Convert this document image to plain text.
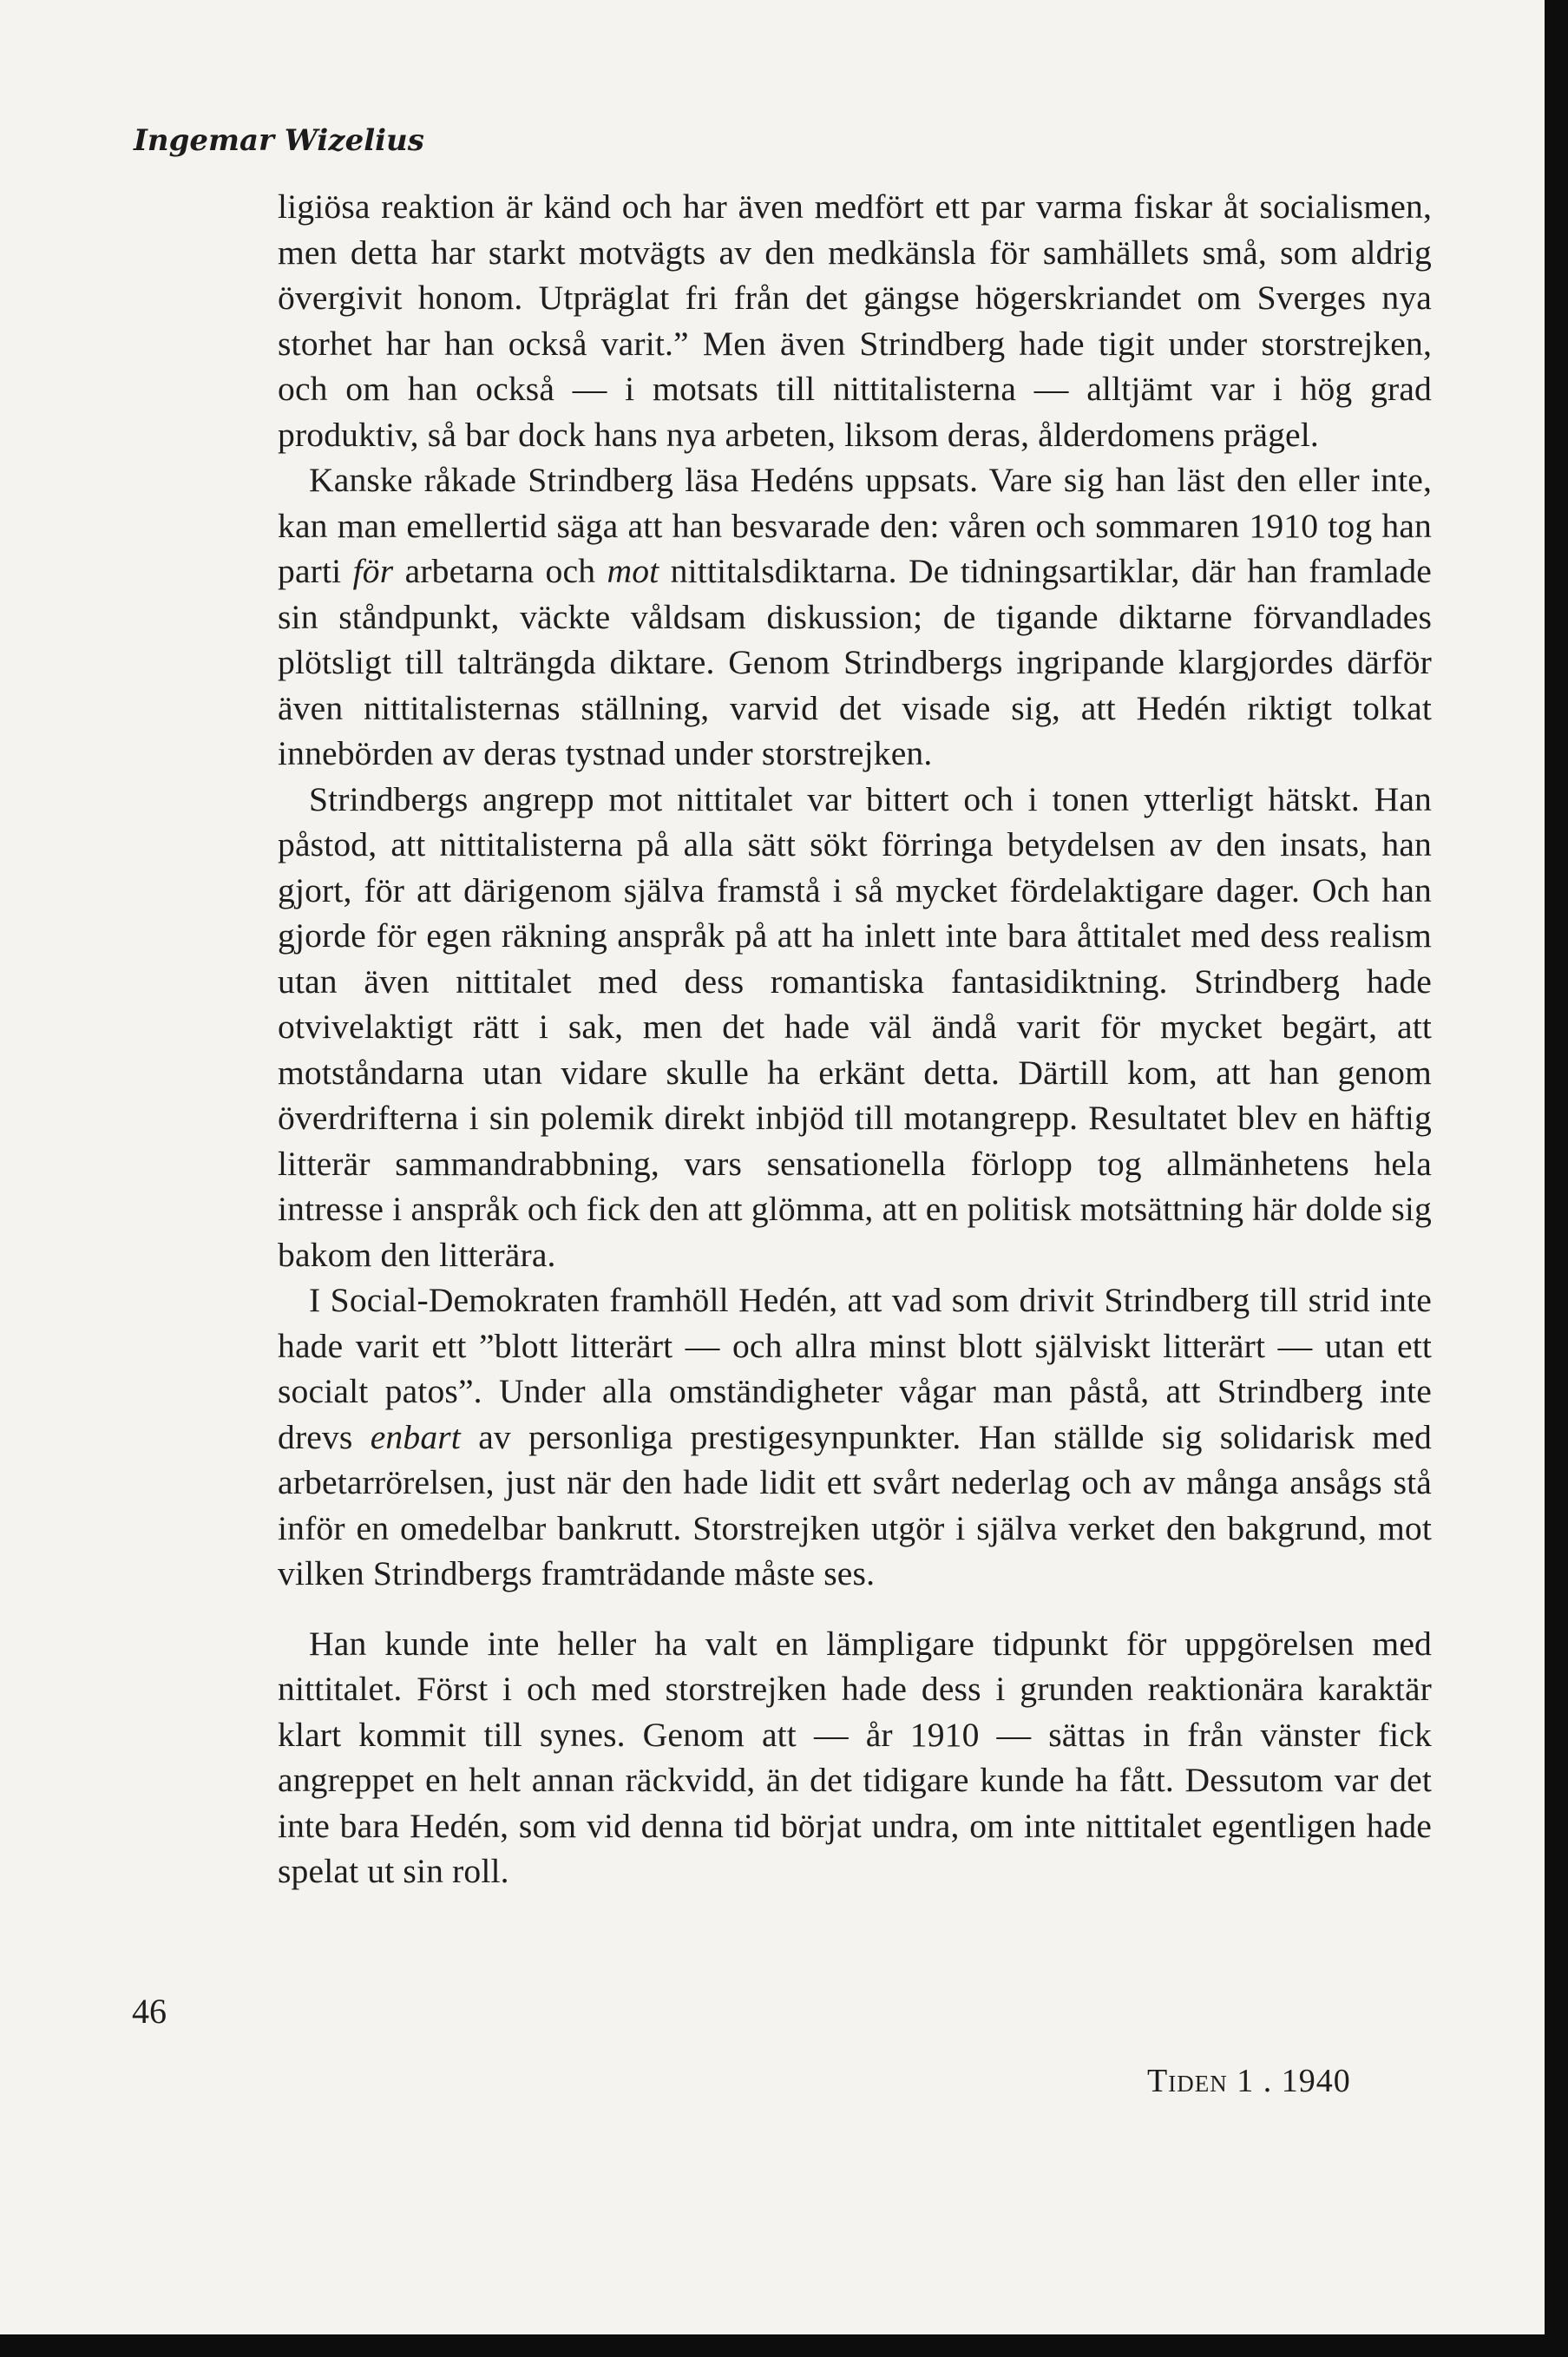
Ingemar Wizelius

ligiösa reaktion är känd och har även medfört ett par varma fiskar åt socialismen, men detta har starkt motvägts av den medkänsla för samhällets små, som aldrig övergivit honom. Utpräglat fri från det gängse högerskriandet om Sverges nya storhet har han också varit.” Men även Strindberg hade tigit under storstrejken, och om han också — i motsats till nittitalisterna — alltjämt var i hög grad produktiv, så bar dock hans nya arbeten, liksom deras, ålderdomens prägel.

Kanske råkade Strindberg läsa Hedéns uppsats. Vare sig han läst den eller inte, kan man emellertid säga att han besvarade den: våren och sommaren 1910 tog han parti för arbetarna och mot nittitalsdiktarna. De tidningsartiklar, där han framlade sin ståndpunkt, väckte våldsam diskussion; de tigande diktarne förvandlades plötsligt till talträngda diktare. Genom Strindbergs ingripande klargjordes därför även nittitalisternas ställning, varvid det visade sig, att Hedén riktigt tolkat innebörden av deras tystnad under storstrejken.

Strindbergs angrepp mot nittitalet var bittert och i tonen ytterligt hätskt. Han påstod, att nittitalisterna på alla sätt sökt förringa betydelsen av den insats, han gjort, för att därigenom själva framstå i så mycket fördelaktigare dager. Och han gjorde för egen räkning anspråk på att ha inlett inte bara åttitalet med dess realism utan även nittitalet med dess romantiska fantasidiktning. Strindberg hade otvivelaktigt rätt i sak, men det hade väl ändå varit för mycket begärt, att motståndarna utan vidare skulle ha erkänt detta. Därtill kom, att han genom överdrifterna i sin polemik direkt inbjöd till motangrepp. Resultatet blev en häftig litterär sammandrabbning, vars sensationella förlopp tog allmänhetens hela intresse i anspråk och fick den att glömma, att en politisk motsättning här dolde sig bakom den litterära.

I Social-Demokraten framhöll Hedén, att vad som drivit Strindberg till strid inte hade varit ett ”blott litterärt — och allra minst blott själviskt litterärt — utan ett socialt patos”. Under alla omständigheter vågar man påstå, att Strindberg inte drevs enbart av personliga prestigesynpunkter. Han ställde sig solidarisk med arbetarrörelsen, just när den hade lidit ett svårt nederlag och av många ansågs stå inför en omedelbar bankrutt. Storstrejken utgör i själva verket den bakgrund, mot vilken Strindbergs framträdande måste ses.

Han kunde inte heller ha valt en lämpligare tidpunkt för uppgörelsen med nittitalet. Först i och med storstrejken hade dess i grunden reaktionära karaktär klart kommit till synes. Genom att — år 1910 — sättas in från vänster fick angreppet en helt annan räckvidd, än det tidigare kunde ha fått. Dessutom var det inte bara Hedén, som vid denna tid börjat undra, om inte nittitalet egentligen hade spelat ut sin roll.

46
Tiden 1 . 1940
